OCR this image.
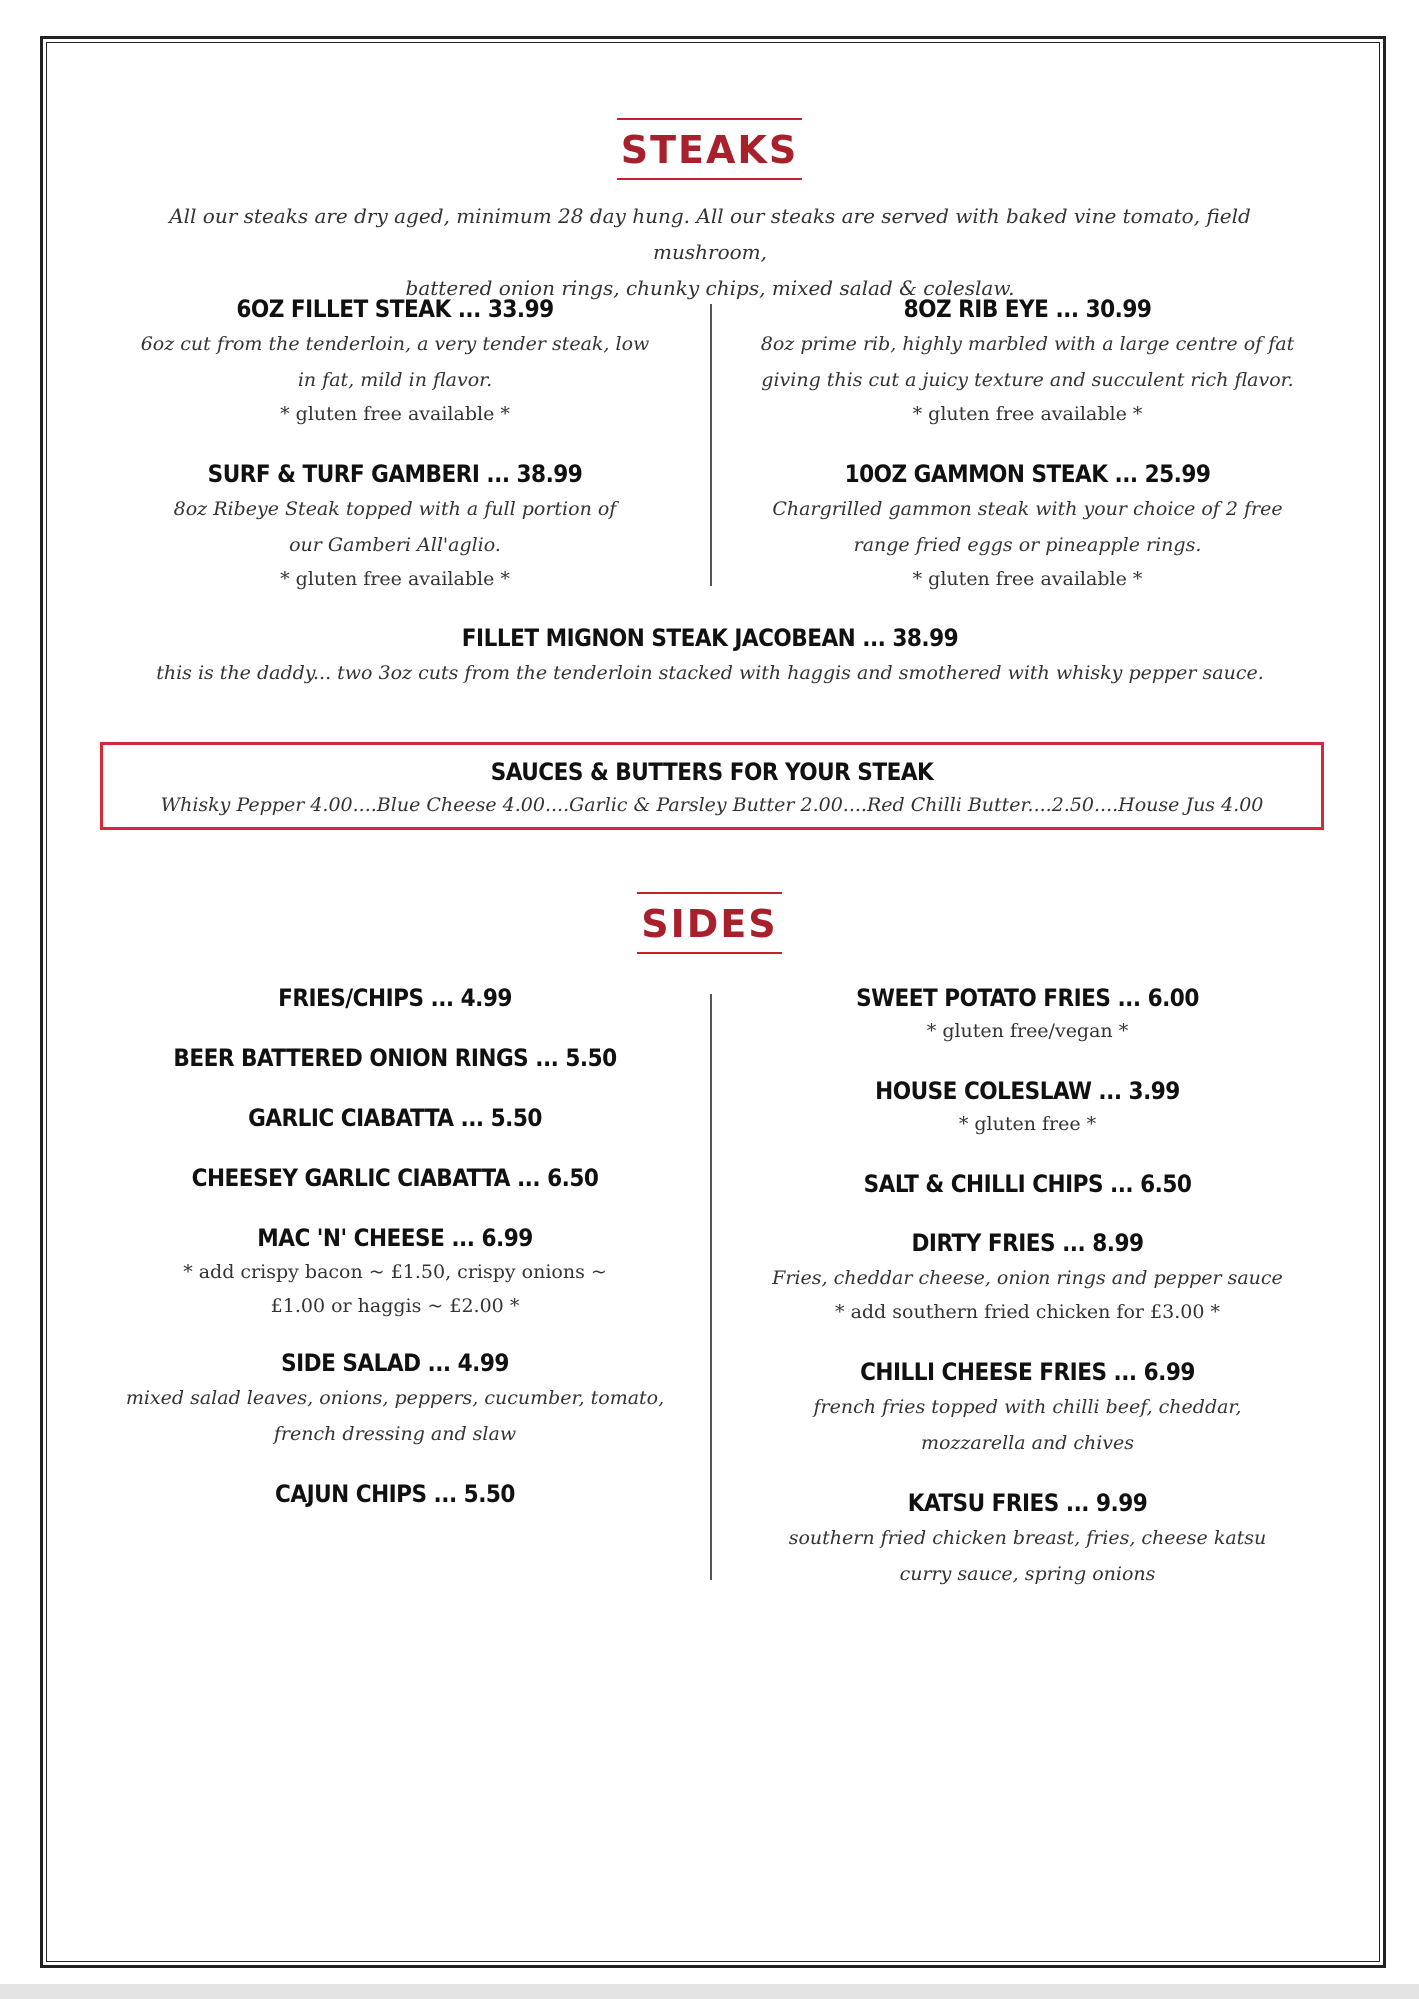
STEAKS
All our steaks are dry aged, minimum 28 day hung. All our steaks are served with baked vine tomato, field mushroom,
battered onion rings, chunky chips, mixed salad & coleslaw.
6OZ FILLET STEAK ... 33.99
6oz cut from the tenderloin, a very tender steak, low in fat, mild in flavor.
* gluten free available *
8OZ RIB EYE ... 30.99
8oz prime rib, highly marbled with a large centre of fat giving this cut a juicy texture and succulent rich flavor.
* gluten free available *
SURF & TURF GAMBERI ... 38.99
8oz Ribeye Steak topped with a full portion of our Gamberi All'aglio.
* gluten free available *
10OZ GAMMON STEAK ... 25.99
Chargrilled gammon steak with your choice of 2 free range fried eggs or pineapple rings.
* gluten free available *
FILLET MIGNON STEAK JACOBEAN ... 38.99
this is the daddy... two 3oz cuts from the tenderloin stacked with haggis and smothered with whisky pepper sauce.
SAUCES & BUTTERS FOR YOUR STEAK
Whisky Pepper 4.00....Blue Cheese 4.00....Garlic & Parsley Butter 2.00....Red Chilli Butter....2.50....House Jus 4.00
SIDES
FRIES/CHIPS ... 4.99
BEER BATTERED ONION RINGS ... 5.50
GARLIC CIABATTA ... 5.50
CHEESEY GARLIC CIABATTA ... 6.50
MAC 'N' CHEESE ... 6.99
* add crispy bacon ~ £1.50, crispy onions ~ £1.00 or haggis ~ £2.00 *
SIDE SALAD ... 4.99
mixed salad leaves, onions, peppers, cucumber, tomato, french dressing and slaw
CAJUN CHIPS ... 5.50
SWEET POTATO FRIES ... 6.00
* gluten free/vegan *
HOUSE COLESLAW ... 3.99
* gluten free *
SALT & CHILLI CHIPS ... 6.50
DIRTY FRIES ... 8.99
Fries, cheddar cheese, onion rings and pepper sauce
* add southern fried chicken for £3.00 *
CHILLI CHEESE FRIES ... 6.99
french fries topped with chilli beef, cheddar, mozzarella and chives
KATSU FRIES ... 9.99
southern fried chicken breast, fries, cheese katsu curry sauce, spring onions
